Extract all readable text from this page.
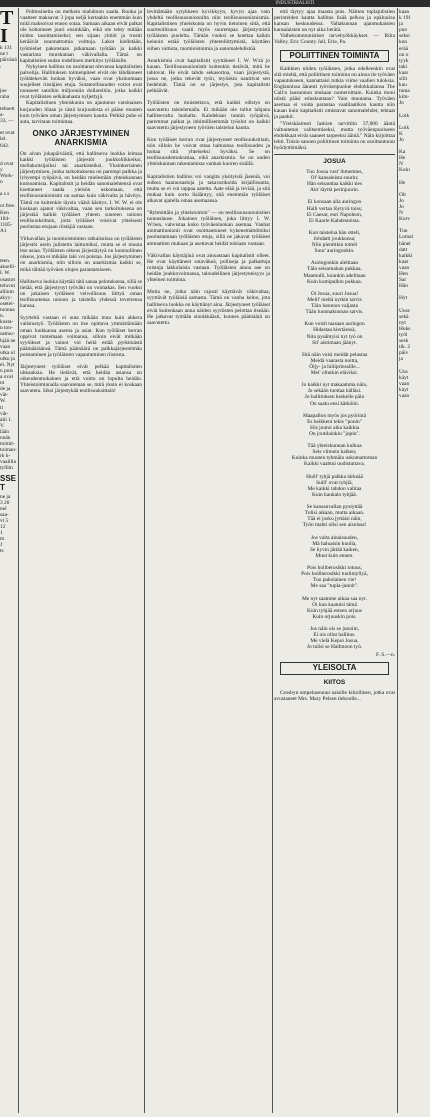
INDUSTRIALISTI
TI
k 131
ne t
päivänä,

joe raha

tehoetta-
33, —

et ovat
lel. 642.

d ovat
y Work-
n

a s s

ot free.
Ken 184-
1185-A1

teen.
akselli-
I. W.
osastot
teluvut
allium
akyy-
osetel-
tuonnan.
kusta-
n ton-
sattuo-
hjää ne
vaan
utka ol
utku ja
ei. Nyt
n pois
a oval
nt
de ja
vät-
W.
ti
vät-
alii 1.
V.
lään
nnän
toimit-
toiman-
rk k-
vaalilla
tylliin
SSET
ne ja
3 20
nel
saa-
vi 5
12
1
m
J
ts

Polttosineita on melkein mahdoton saada. Ruoka ja vaatteet maksavat 3 jopa neljä kertaakin enemmän kuin mitä maksoivat ennen sotaa. Samaan aikaan eivät palkat ole kohonneet juuri ensinkään, eikä ole tehty mitään niiden tasoittamiseksi; sen sijaan yhtiöt ja trustit keräävät suunnattomia voittoja. Lakot kielletään, työmiehet pakotetaan jatkamaan työtään ja kaikki vastarinta murskataan väkivallalla. Tämä on kapitalistien sodan todellinen merkitys työläisille.

Nykyinen hallitus on osoittanut olevansa kapitalistien palvelija. Hallituksen toimenpiteet eivät ole tähdänneet työtätekevän luokan hyväksi, vaan ovat yksinomaan suojelleet riistäjien etuja. Sotateollisuuden voitot ovat nousseet satoihin miljooniin dollareihin, jotka kaikki ovat työläisten selkänahasta nyljettyjä.

Kapitalistinen yhteiskunta on ajautunut varsinaisen kurjuuden tilaan ja tästä kurjuudesta ei pääse muuten kuin työväen oman järjestymisen kautta. Pelkkä puhe ei auta, tarvitaan toimintaa.

ONKO JÄRJESTYMINEN ANARKISMIA
On aivan jokapäiväistä, että hallitseva luokka leimaa kaikki työläisten järjestöt joukkoliikkeiksi, mellakoitsijoiksi tai anarkisteiksi. Yksinkertainen järjestyminen, jonka tarkoituksena on parempi palkka ja lyhyempi työpäivä, on heidän mielestään yhteiskunnan kumoamista. Kapitalistit ja heidän sanomalehtensä ovat koettaneet saada yleisön uskomaan, että teollisuusunionismi on samaa kuin väkivalta ja hävitys. Tämä on kuitenkin täysin väärä käsitys. I. W. W. ei ole koskaan ajanut väkivaltaa, vaan sen tarkoituksena on järjestää kaikki työläiset yhteen suureen unioon teollisuuksittain, jotta työläiset voisivat yhteisesti puolustaa etujaan riistäjiä vastaan.

Virkavallan ja tuomioistuinten ratkaisuissa on työläisten järjestöt usein julistettu laittomiksi, mutta se ei muuta itse asiaa. Työläisten oikeus järjestäytyä on luonnollinen oikeus, jota ei mikään laki voi poistaa. Jos järjestyminen on anarkismia, niin silloin on anarkismia kaikki se, mikä tähtää työväen olojen parantamiseen.

Hallitseva luokka käyttää tätä sanaa pelotuksena, sillä se tietää, että järjestynyt työväki on voimakas. Sen vuoksi on jokaisen työläisen velvollisuus liittyä oman teollisuutensa unioon ja taistella yhdessä toveriensa kanssa.

Syytteitä vastaan ei auta mikään muu kuin ahkera valistustyö. Työläisten on itse opittava ymmärtämään oman luokkansa asema ja asiat. Kun työläiset kerran oppivat tuntemaan voimansa, silloin eivät mitkään syytökset ja vainot voi heitä estää pyrkimästä päämääräänsä. Tämä päämäärä on palkkajärjestelmän poistaminen ja työläisten vapautuminen riistosta.

Järjestyneet työläiset eivät pelkää kapitalistien uhkauksia. He tietävät, että heidän asiansa on oikeudenmukainen ja että voitto on lopulta heidän. Yhteistoiminnalla saavutetaan se, mitä yksin ei koskaan saavuteta. Siksi järjestykää teollisuuksittain!
levittämään sytykkeen kyvikkyyn, kyvyn ajaa vain yhdeltä teollisuusunioonilta niin teollisuusunionismia. Kapitalistinen yhteiskunta on hyvin tietoinen siitä, että suurteollisuus vaatii myös suurempaa järjestymistä työläisten puolelta. Tämän vuoksi se koettaa kaikin keinoin estää työläisten yhteenliittymistä, käyttäen siihen valtiota, tuomioistuimia ja sanomalehdistöä.

Anarkismia ovat kapitalistit syyttäneet I. W. W:tä jo kauan. Teollisuusunionistit kuitenkin tietävät, mitä he tahtovat. He eivät tahdo sekasortoa, vaan järjestystä, jossa ne, jotka tekevät työn, myöskin nauttivat sen hedelmät. Tämä on se järjestys, jota kapitalistit pelkäävät.

Työläisten on muistettava, että kaikki edistys on saavutettu taistelemalla. Ei mikään ole tullut lahjana hallitsevalta luokalta. Kahdeksan tunnin työpäivä, paremmat palkat ja inhimillisemmät työolot on kaikki saavutettu järjestyneen työväen taistelun kautta.

Kun työläiset kerran ovat järjestyneet teollisuuksittain, niin silloin he voivat ottaa haltuunsa teollisuuden ja hoitaa sitä yhteiseksi hyväksi. Se on teollisuusdemokratiaa, eikä anarkismia. Se on uuden yhteiskunnan rakentamista vanhan kuoren sisällä.

Kapitalistien hallitus voi vangita yksityisiä jäseniä, voi sulkea haaraosastoja ja takavarikoida kirjallisuutta, mutta se ei voi tappaa aatetta. Aate elää ja leviää, ja sitä mukaa kuin sorto lisääntyy, sitä enemmän työläiset alkavat ajatella omaa asemaansa.

"Ryhmittäin ja yhteistoimin" — on teollisuusunionistien tunnuslause. Jokainen työläinen, joka liittyy I. W. W:hen, vahvistaa koko työväenluokan asemaa. Vanhat ammattiunionit ovat osoittautuneet kykenemättömiksi puolustamaan työläisten etuja, sillä ne jakavat työläiset ammattien mukaan ja asettavat heidät toisiaan vastaan.

Väkivallan käyttäjinä ovat ainoastaan kapitalistit olleet. He ovat käyttäneet sotaväkeä, poliiseja ja palkattuja roistoja lakkolaisia vastaan. Työläisten ainoa ase on heidän joukkovoimansa, taloudellinen järjestyneisyys ja yhteinen toiminta.

Mutta ne, jotka näin rajusti käyttävät väkivaltaa, syyttävät työläisiä samasta. Tämä on vanha keino, jota hallitseva luokka on käyttänyt aina. Järjestyneet työläiset eivät kuitenkaan anna näiden syytösten pelottaa itseään. He jatkavat työtään sinnikkäästi, kunnes päämäärä on saavutettu.

että täytyy ajaa maasta pois. Näitten tuplajulistien perinteiden kautta hallitus lisää pelkoa ja epäluuloa kansan keskuudessa. Valtakunnan ajanmukaisten kansalaisten on nyt aika herätä.

Valhekommunistiset tarvehyökkäykset. — Riita Valley, Eric County Jail, Erie, Pa.

POLIITTINEN TOIMINTA

Kaikkien niiden työläisten, jotka edelleenkin ovat sitä mieltä, että poliittinen toiminta on ainoa tie työväen vapautukseen, kannattaisi tutkia viime vaalien tuloksia. Englannissa äänesti työväenpuolue ehdokkaitansa The Call:n lausunnon mukaan numeroittain. Kuinka moni niistä pääsi eduskuntaan? Vain muutama. Työväen asemaa ei voida parantaa vaalilaatikon kautta niin kauan kuin kapitalistit omistavat sanomalehdet, tehtaat ja pankit.

"Yleiskäsitesti laskien tarvittiin 37,000 ääntä valtuutetun valitsemiseksi, mutta työväenpuolueen ehdokkaat eivät saaneet tarpeeksi ääniä." Näin kirjoittaa lehti. Toisin sanoen poliittinen toiminta on osoittautunut hyödyttömäksi.

JOSUA
Tuo Josua vast' ihmemies,
Ol' kansaleista suurin;
Hän seisauttaa kaikki ties
Ain' täyttä perinjuurin.

Ei konsaan alla auringon
Halli vertaa löytyvä tuiss;
Ei Caesar, euri Napoleon,
Ei Kaarle Kahdestoista.

Kun taistelua hän otteli,
Johdatti joukkonsa;
Niin pienttikin totteli
Suur' auringonkin.

Auringonkin alelttaan
Täin seisomahan pukkaa.
Maamulli, kuunkin adelltaan
Kuin kumipallon pukkaa.

Oi Josua, suuri Josua!
Meill' nieltä nytkin tarvis
Täin luonnon valjasta
Tään luonnakunnan sarvis.

Kun voisit taasaan auringon
Hidastaa kiertäessä,
Niin pysähtyisi nyt työ on
Sii' aistimaan jäänyt.

Sitä näin voisi meidät pelastaa
Meidä vaarasta noitta,
Öljy- ja hiiliprinssille...
Mei' ollutkin eläviksi.

Jo kaikki nyt makaamma näin,
Jo sekään tuottaa hälläsi.
Jo hallituksen keskelle päin
On saatu ensi kätköön.

Maapallon myös jos pyörintä
Es heikkeni tekis "ponin"
Siis joutui aika kaikkia
On joutilainkin "jopin".

Tää yhteiskunnan kulkua
Seis viimein kaiken;
Kuinka muuten tyhmäin uskomattoman
Kaikki vaahtui uudistuttava.

Huill' tyhjä palkka tärkeää
Suill' ovat tyhjiä,
Me kaikki tahdon valitaa
Kuin kaukalo tyhjää.

Se kansanvallan pystyttää
Tulisi aikaan, mutta aikaan.
Tää ei josko jyttäisi näin,
Työn mahti olisi sen aisoissa!

Jos valta ainaisuuden,
Mä haluaisin kuulla,
Se hyvin jättää kaiken,
Muut kuin ennen.

Pois holiberosikki totuus,
Pois holiberosikki tuulimyllyä,
Tuo paholainen vie!
Me saa "tupla-junnit".

Me nyt saamme aikaa saa nyt.
Oi kun kaatuisi tämä
Kuin tyhjää esteen orjuus
Kuin orjuuskin pois.

Jos näin ois se juoniin,
Ei ois ollut hallitus.
Me vielä Kepoi Josua,
Jo tulisi se Hallmoon työ.
F. S.—n.
YLEISOLTA
KIITOS

Crosbyn ompeluseuran naisille kiitollinen, jotka ovat avustaneet Mrs. Mary Pelsen tiekoolle...

kaan
k 191
ja
puo
seksi
kun
erää
on o
tyyk
taki
kaar
silit
kau
tuma
kim-
Jo

Loik

Loik
K
Jo

Ka
He
N
Koin

He

Olt
Jo
Jo
N
Korv

Tun
Lomal
hänet
datt
kaikki
kaat
vaan
Hen
Sar
Hän

Hyt

Uuss
sekä
nyt
Huks
työl
sesk
tik. 2
päiv
ja

Uus
käyt
vaan
käyt
vaan
